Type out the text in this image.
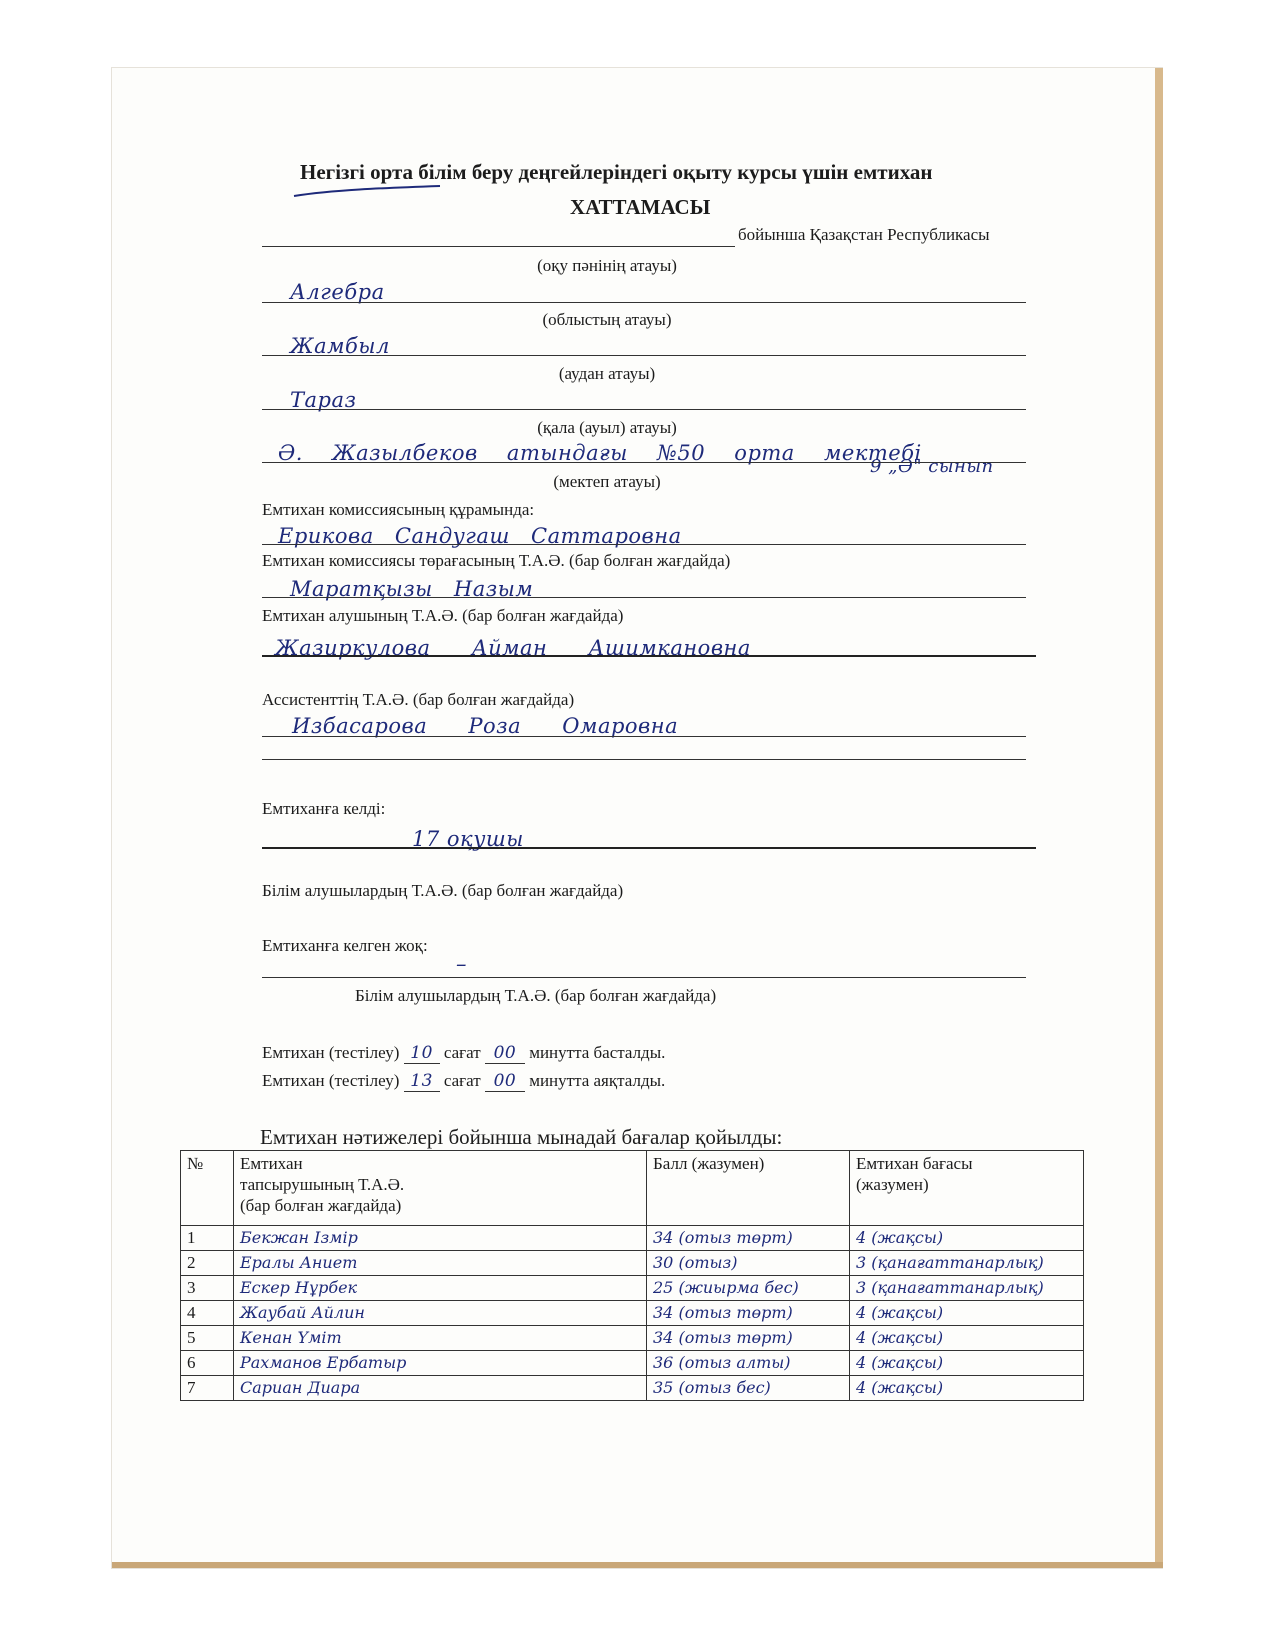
Негізгі орта білім беру деңгейлеріндегі оқыту курсы үшін емтихан
ХАТТАМАСЫ
бойынша Қазақстан Республикасы
(оқу пәнінің атауы)
Алгебра
(облыстың атауы)
Жамбыл
(аудан атауы)
Тараз
(қала (ауыл) атауы)
Ә. Жазылбеков атындағы №50 орта мектебі
9 „Ә" сынып
(мектеп атауы)
Емтихан комиссиясының құрамында:
Ерикова Сандугаш Саттаровна
Емтихан комиссиясы төрағасының Т.А.Ә. (бар болған жағдайда)
Маратқызы Назым
Емтихан алушының Т.А.Ә. (бар болған жағдайда)
Жазиркулова Айман Ашимкановна
Ассистенттің Т.А.Ә. (бар болған жағдайда)
Избасарова Роза Омаровна
Емтиханға келді:
17 оқушы
Білім алушылардың Т.А.Ә. (бар болған жағдайда)
Емтиханға келген жоқ:
–
Білім алушылардың Т.А.Ә. (бар болған жағдайда)
Емтихан (тестілеу) 10 сағат 00 минутта басталды.
Емтихан (тестілеу) 13 сағат 00 минутта аяқталды.
Емтихан нәтижелері бойынша мынадай бағалар қойылды:
№	Емтихан
тапсырушының Т.А.Ә.
(бар болған жағдайда)	Балл (жазумен)	Емтихан бағасы
(жазумен)

1	Бекжан Ізмір	34 (отыз төрт)	4 (жақсы)
2	Ералы Аниет	30 (отыз)	3 (қанағаттанарлық)
3	Ескер Нұрбек	25 (жиырма бес)	3 (қанағаттанарлық)
4	Жаубай Айлин	34 (отыз төрт)	4 (жақсы)
5	Кенан Үміт	34 (отыз төрт)	4 (жақсы)
6	Рахманов Ербатыр	36 (отыз алты)	4 (жақсы)
7	Сариан Диара	35 (отыз бес)	4 (жақсы)
